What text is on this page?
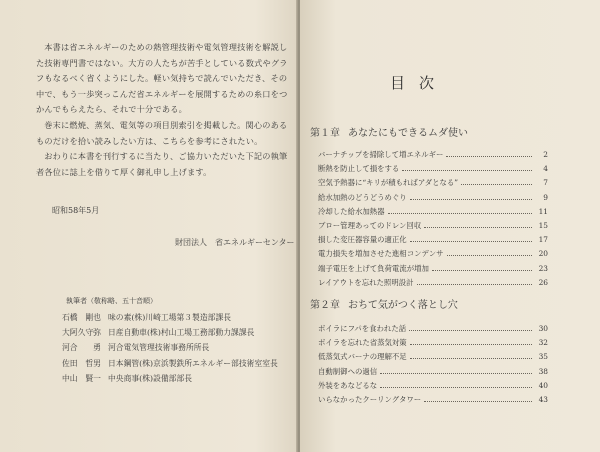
本書は省エネルギーのための熱管理技術や電気管理技術を解説した技術専門書ではない。大方の人たちが苦手としている数式やグラフもなるべく省くようにした。軽い気持ちで読んでいただき、その中で、もう一歩突っこんだ省エネルギーを展開するための糸口をつかんでもらえたら、それで十分である。

巻末に燃焼、蒸気、電気等の項目別索引を掲載した。関心のあるものだけを拾い読みしたい方は、こちらを参考にされたい。

おわりに本書を刊行するに当たり、ご協力いただいた下記の執筆者各位に誌上を借りて厚く御礼申し上げます。

昭和58年5月
財団法人　省エネルギーセンター
執筆者（敬称略、五十音順）
石橋　剛也 味の素(株)川崎工場第３製造部課長
大阿久守弥 日産自動車(株)村山工場工務部動力課課長
河合　　勇 河合電気管理技術事務所所長
佐田　哲男 日本鋼管(株)京浜製鉄所エネルギー部技術室室長
中山　賢一 中央商事(株)設備部部長
目次
第１章 あなたにもできるムダ使い
バーナチップを掃除して増エネルギー	2
断熱を防止して損をする	4
空気予熱器に“キリが積もればアダとなる”	7
給水加熱のどうどうめぐり	9
冷却した給水加熱器	11
ブロー管理あってのドレン回収	15
損した変圧器容量の適正化	17
電力損失を増加させた進相コンデンサ	20
端子電圧を上げて負荷電流が増加	23
レイアウトを忘れた照明設計	26
第２章 おちて気がつく落とし穴
ボイラにフパを食われた話	30
ボイラを忘れた省蒸気対策	32
低蒸気式バーナの理解不足	35
自動制御への過信	38
外装をあなどるな	40
いらなかったクーリングタワー	43
